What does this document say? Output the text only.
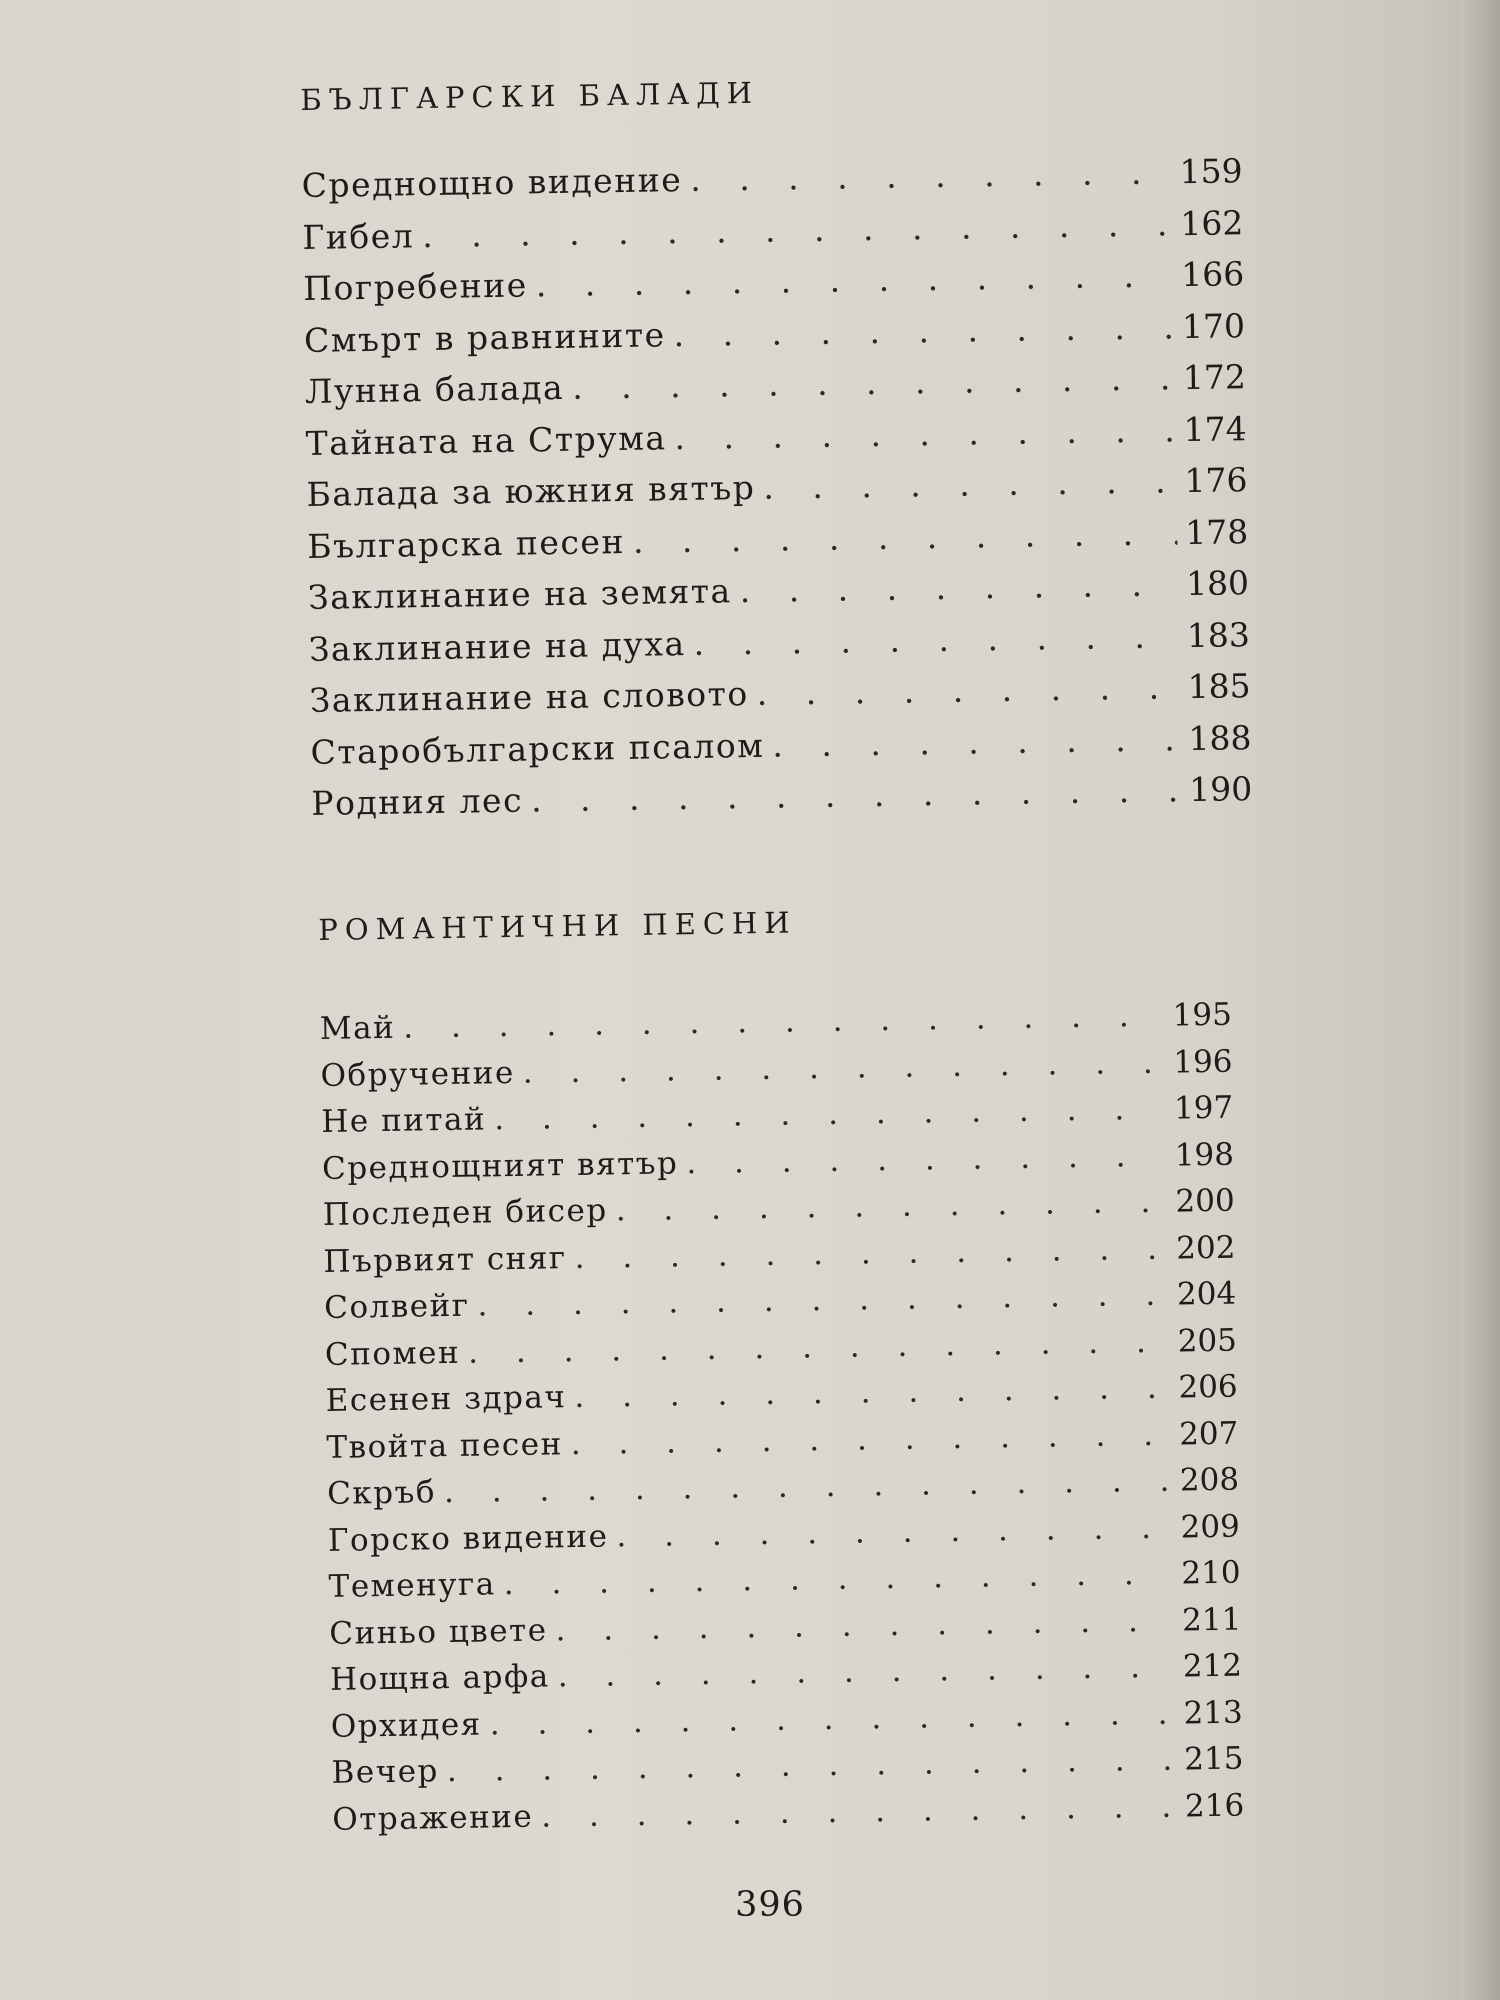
БЪЛГАРСКИ БАЛАДИ
Среднощно видение . . .	159
Гибел . . .	162
Погребение . . .	166
Смърт в равнините . . .	170
Лунна балада . . .	172
Тайната на Струма . . .	174
Балада за южния вятър . . .	176
Българска песен . . .	178
Заклинание на земята . . .	180
Заклинание на духа . . .	183
Заклинание на словото . . .	185
Старобългарски псалом . . .	188
Родния лес . . .	190
РОМАНТИЧНИ ПЕСНИ
Май . . .	195
Обручение . . .	196
Не питай . . .	197
Среднощният вятър . . .	198
Последен бисер . . .	200
Първият сняг . . .	202
Солвейг . . .	204
Спомен . . .	205
Есенен здрач . . .	206
Твойта песен . . .	207
Скръб . . .	208
Горско видение . . .	209
Теменуга . . .	210
Синьо цвете . . .	211
Нощна арфа . . .	212
Орхидея . . .	213
Вечер . . .	215
Отражение . . .	216
396
